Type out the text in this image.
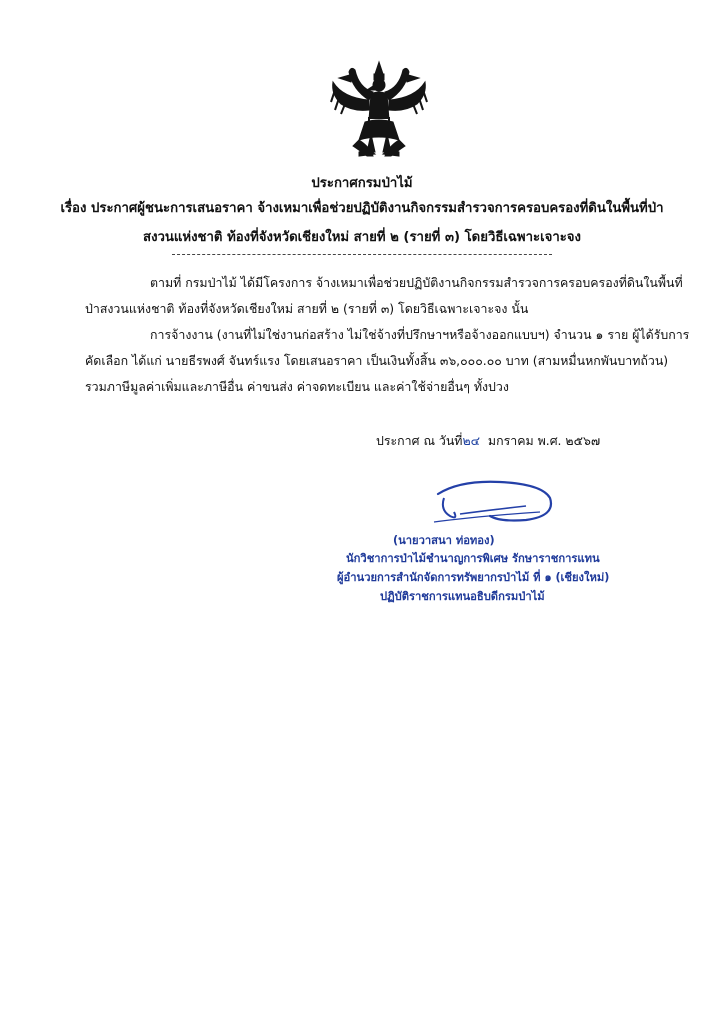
ประกาศกรมป่าไม้
เรื่อง ประกาศผู้ชนะการเสนอราคา จ้างเหมาเพื่อช่วยปฏิบัติงานกิจกรรมสำรวจการครอบครองที่ดินในพื้นที่ป่า
สงวนแห่งชาติ ท้องที่จังหวัดเชียงใหม่ สายที่ ๒ (รายที่ ๓) โดยวิธีเฉพาะเจาะจง
ตามที่ กรมป่าไม้ ได้มีโครงการ จ้างเหมาเพื่อช่วยปฏิบัติงานกิจกรรมสำรวจการครอบครองที่ดินในพื้นที่
ป่าสงวนแห่งชาติ ท้องที่จังหวัดเชียงใหม่ สายที่ ๒ (รายที่ ๓) โดยวิธีเฉพาะเจาะจง นั้น
การจ้างงาน (งานที่ไม่ใช่งานก่อสร้าง ไม่ใช่จ้างที่ปรึกษาฯหรือจ้างออกแบบฯ) จำนวน ๑ ราย ผู้ได้รับการ
คัดเลือก ได้แก่ นายธีรพงศ์ จันทร์แรง โดยเสนอราคา เป็นเงินทั้งสิ้น ๓๖,๐๐๐.๐๐ บาท (สามหมื่นหกพันบาทถ้วน)
รวมภาษีมูลค่าเพิ่มและภาษีอื่น ค่าขนส่ง ค่าจดทะเบียน และค่าใช้จ่ายอื่นๆ ทั้งปวง
ประกาศ ณ วันที่๒๔ มกราคม พ.ศ. ๒๕๖๗
(นายวาสนา ท่อทอง)
นักวิชาการป่าไม้ชำนาญการพิเศษ รักษาราชการแทน
ผู้อำนวยการสำนักจัดการทรัพยากรป่าไม้ ที่ ๑ (เชียงใหม่)
ปฏิบัติราชการแทนอธิบดีกรมป่าไม้
